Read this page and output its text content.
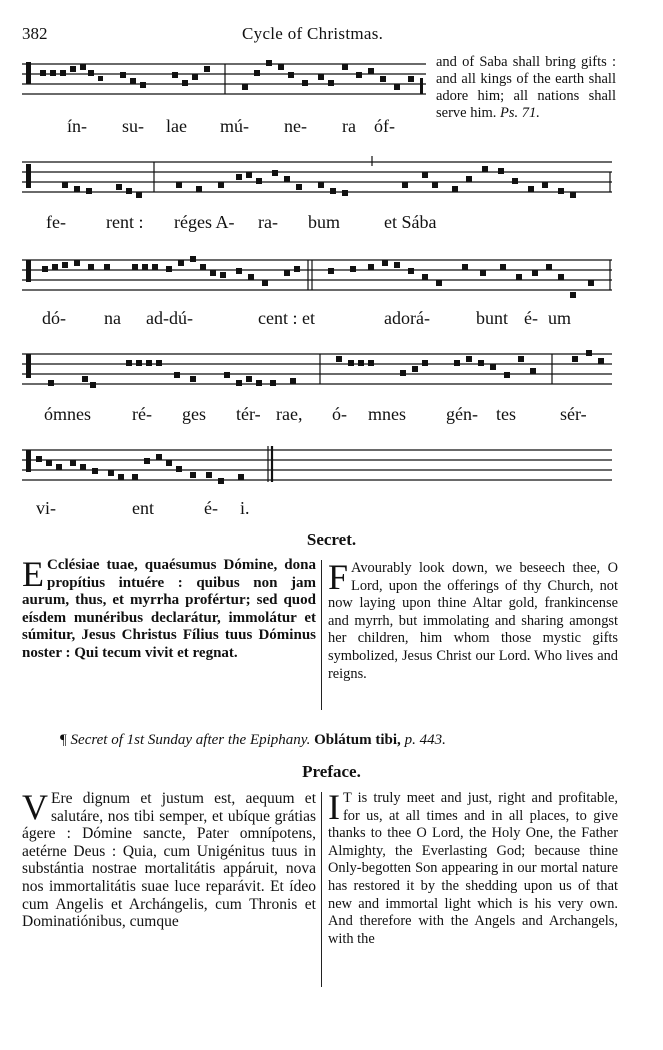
382	Cycle of Christmas.
ín- su- lae mú- ne- ra óf-
and of Saba shall bring gifts : and all kings of the earth shall adore him; all nations shall serve him. Ps. 71.
fe- rent : réges A- ra- bum et Sába
dó- na ad-dú-	cent : et	adorá-	bunt é- um
ómnes ré- ges tér- rae, ó- mnes gén- tes sér-
vi-	ent	é- i.
Secret.
E Cclésiae tuae, quaésumus Dómine, dona propítius intuére : quibus non jam aurum, thus, et myrrha profértur; sed quod eísdem munéribus declarátur, immolátur et súmitur, Jesus Christus Fílius tuus Dóminus noster : Qui tecum vivit et regnat.
F Avourably look down, we beseech thee, O Lord, upon the offerings of thy Church, not now laying upon thine Altar gold, frankincense and myrrh, but immolating and sharing amongst her children, him whom those mystic gifts symbolized, Jesus Christ our Lord. Who lives and reigns.
¶ Secret of 1st Sunday after the Epiphany. Oblátum tibi, p. 443.
Preface.
V Ere dignum et justum est, aequum et salutáre, nos tibi semper, et ubíque grátias ágere : Dómine sancte, Pater omnípotens, aetérne Deus : Quia, cum Unigénitus tuus in substántia nostrae mortalitátis appáruit, nova nos immortalitátis suae luce reparávit. Et ídeo cum Angelis et Archángelis, cum Thronis et Dominatiónibus, cumque
I T is truly meet and just, right and profitable, for us, at all times and in all places, to give thanks to thee O Lord, the Holy One, the Father Almighty, the Everlasting God; because thine Only-begotten Son appearing in our mortal nature has restored it by the shedding upon us of that new and immortal light which is his very own. And therefore with the Angels and Archangels, with the
